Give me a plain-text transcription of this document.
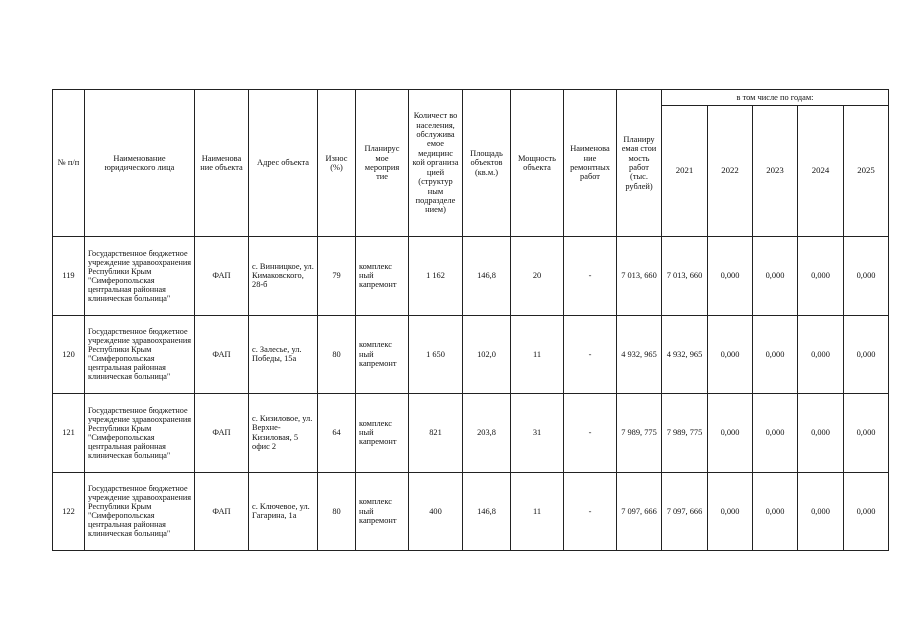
№ п/п	Наименование юридического лица	Наименова ние объекта	Адрес объекта	Износ (%)	Планирус мое мероприя тие	Количест во населения, обслужива емое медицинс кой организа цией (структур ным подразделе нием)	Площадь объектов (кв.м.)	Мощность объекта	Наименова ние ремонтных работ	Планиру емая стои мость работ (тыс. рублей)	в том числе по годам:				
											2021	2022	2023	2024	2025
119	Государственное бюджетное учреждение здравоохранения Республики Крым "Симферопольская центральная районная клиническая больница"	ФАП	с. Винницкое, ул. Кимаковского, 28-б	79	комплекс ный капремонт	1 162	146,8	20	-	7 013, 660	7 013, 660	0,000	0,000	0,000	0,000
120	Государственное бюджетное учреждение здравоохранения Республики Крым "Симферопольская центральная районная клиническая больница"	ФАП	с. Залесье, ул. Победы, 15а	80	комплекс ный капремонт	1 650	102,0	11	-	4 932, 965	4 932, 965	0,000	0,000	0,000	0,000
121	Государственное бюджетное учреждение здравоохранения Республики Крым "Симферопольская центральная районная клиническая больница"	ФАП	с. Кизиловое, ул. Верхне-Кизиловая, 5 офис 2	64	комплекс ный капремонт	821	203,8	31	-	7 989, 775	7 989, 775	0,000	0,000	0,000	0,000
122	Государственное бюджетное учреждение здравоохранения Республики Крым "Симферопольская центральная районная клиническая больница"	ФАП	с. Ключевое, ул. Гагарина, 1а	80	комплекс ный капремонт	400	146,8	11	-	7 097, 666	7 097, 666	0,000	0,000	0,000	0,000
